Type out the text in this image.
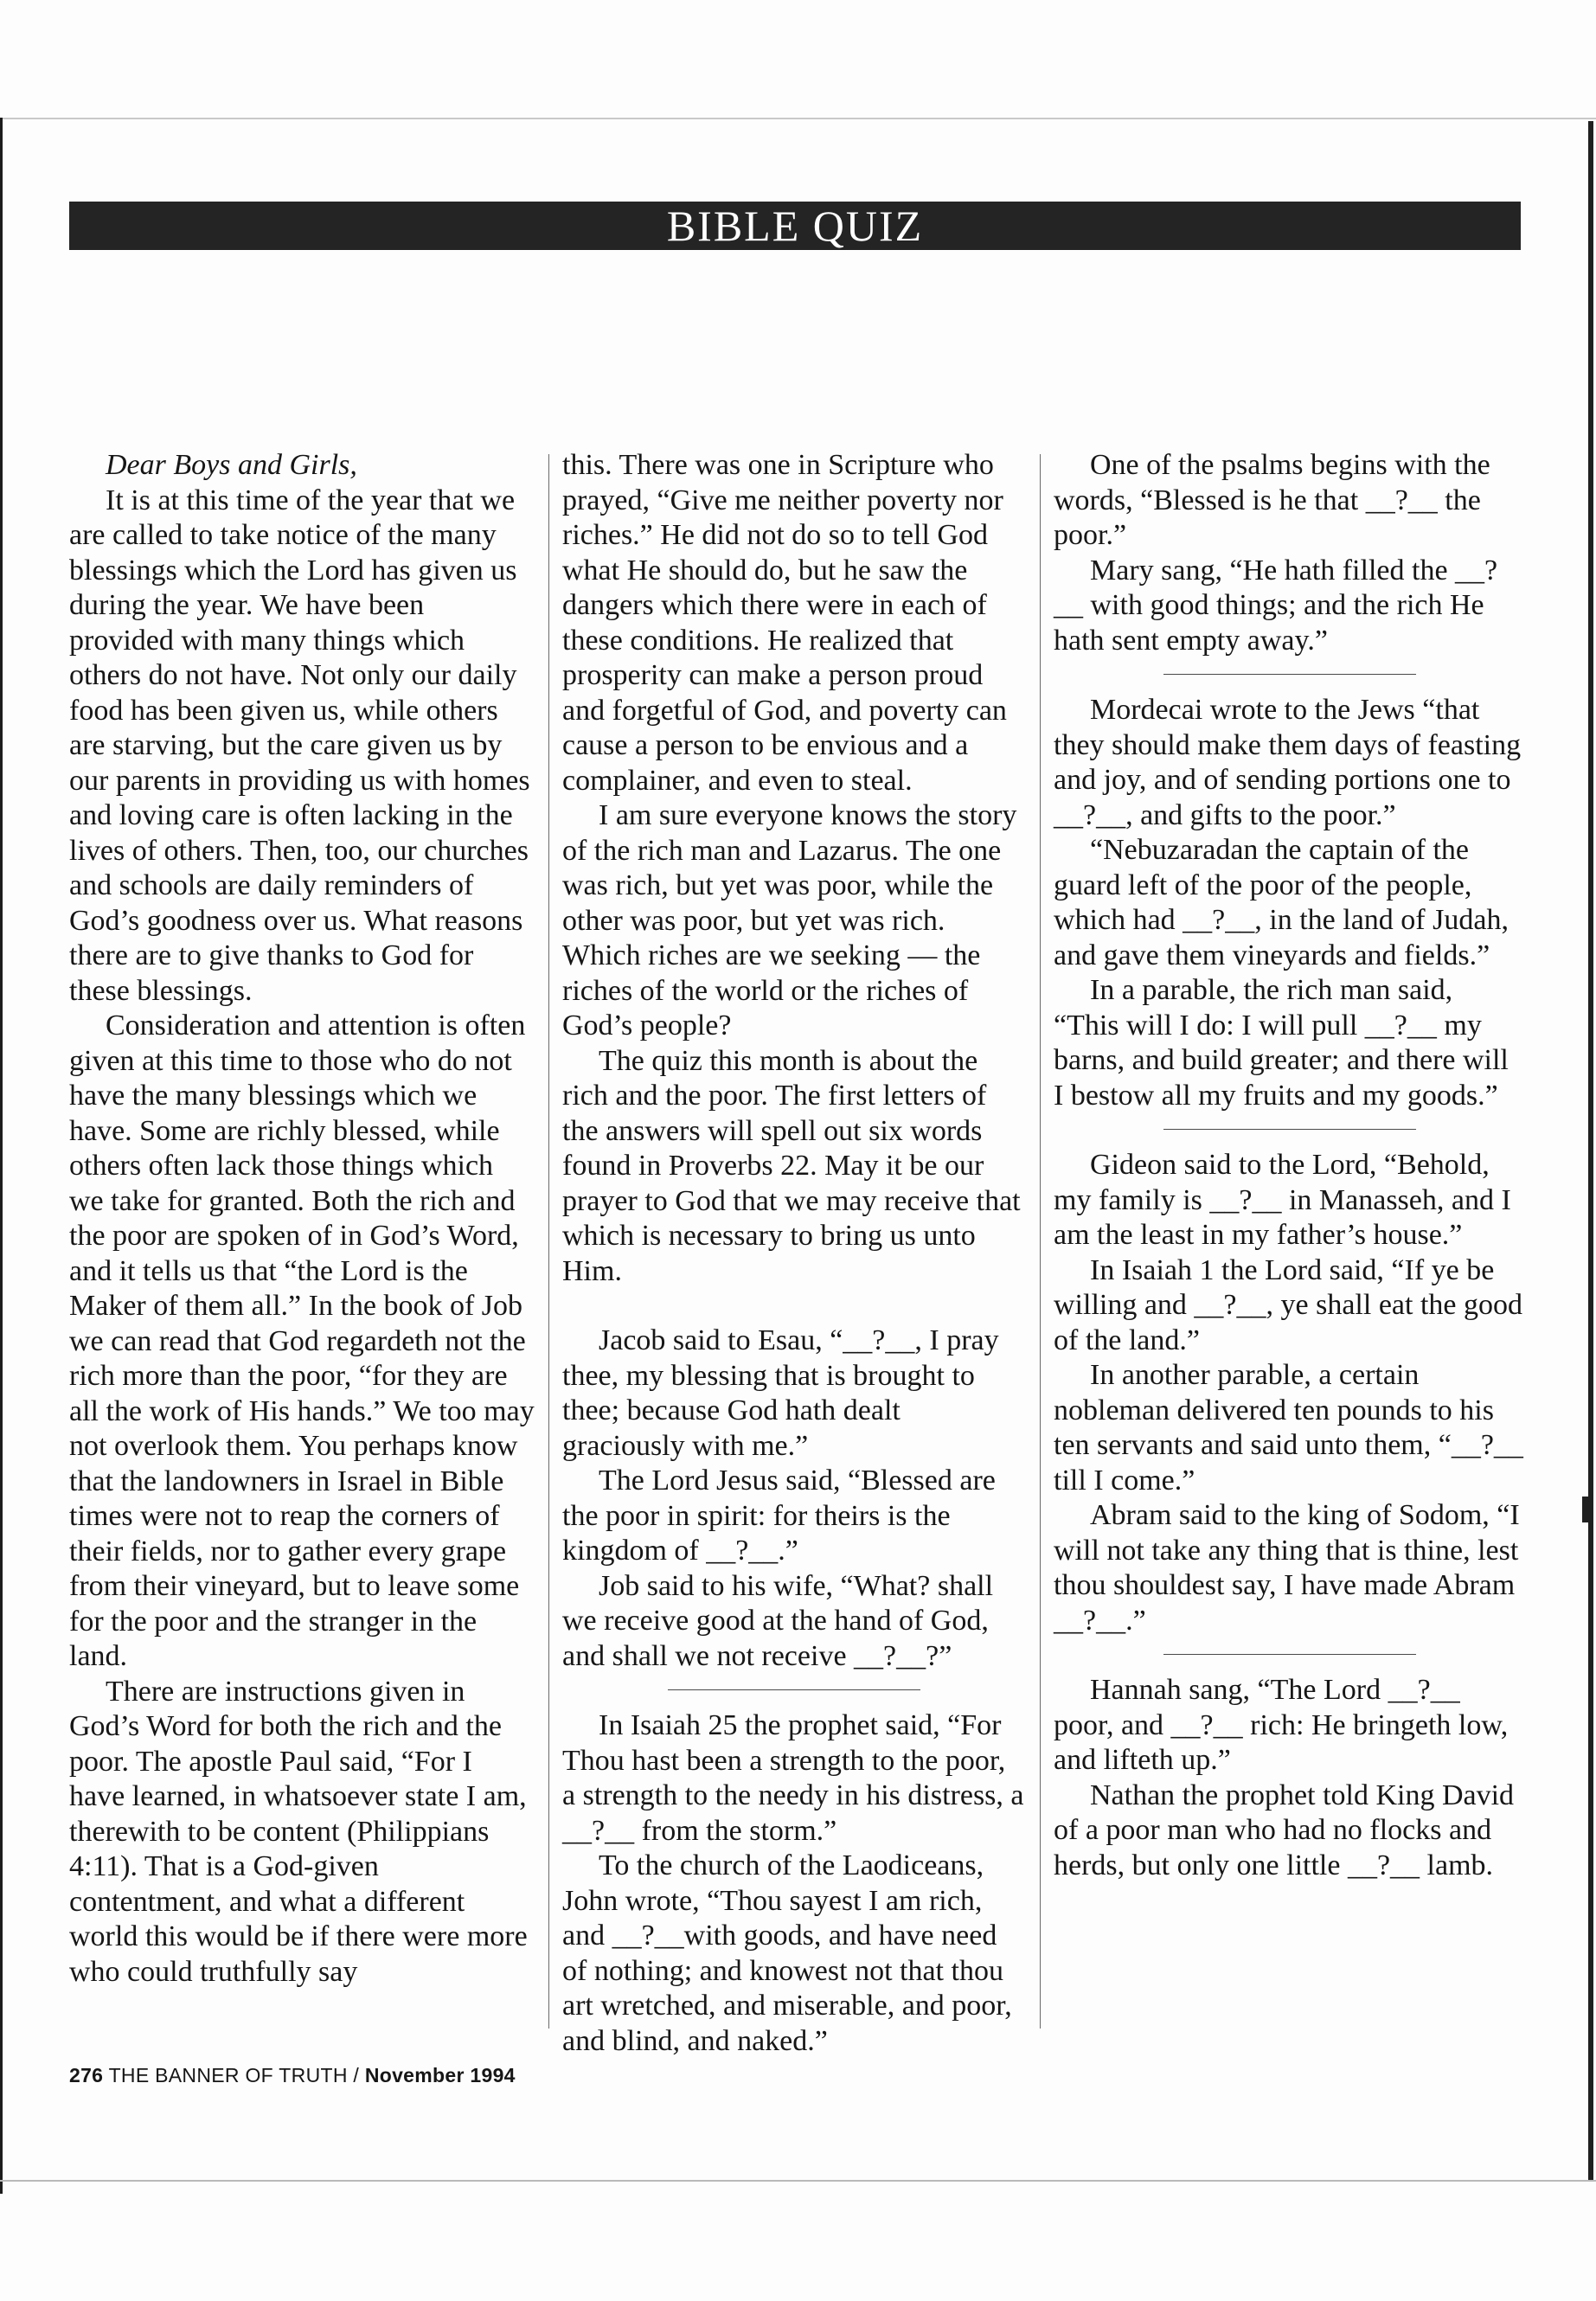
BIBLE QUIZ

Dear Boys and Girls,

It is at this time of the year that we are called to take notice of the many blessings which the Lord has given us during the year. We have been provided with many things which others do not have. Not only our daily food has been given us, while others are starving, but the care given us by our parents in providing us with homes and loving care is often lacking in the lives of others. Then, too, our churches and schools are daily reminders of God’s goodness over us. What reasons there are to give thanks to God for these blessings.

Consideration and attention is often given at this time to those who do not have the many blessings which we have. Some are richly blessed, while others often lack those things which we take for granted. Both the rich and the poor are spoken of in God’s Word, and it tells us that “the Lord is the Maker of them all.” In the book of Job we can read that God regardeth not the rich more than the poor, “for they are all the work of His hands.” We too may not overlook them. You perhaps know that the landowners in Israel in Bible times were not to reap the corners of their fields, nor to gather every grape from their vineyard, but to leave some for the poor and the stranger in the land.

There are instructions given in God’s Word for both the rich and the poor. The apostle Paul said, “For I have learned, in whatsoever state I am, therewith to be content (Philippians 4:11). That is a God-given contentment, and what a different world this would be if there were more who could truthfully say

this. There was one in Scripture who prayed, “Give me neither poverty nor riches.” He did not do so to tell God what He should do, but he saw the dangers which there were in each of these conditions. He realized that prosperity can make a person proud and forgetful of God, and poverty can cause a person to be envious and a complainer, and even to steal.

I am sure everyone knows the story of the rich man and Lazarus. The one was rich, but yet was poor, while the other was poor, but yet was rich. Which riches are we seeking — the riches of the world or the riches of God’s people?

The quiz this month is about the rich and the poor. The first letters of the answers will spell out six words found in Proverbs 22. May it be our prayer to God that we may receive that which is necessary to bring us unto Him.

Jacob said to Esau, “__?__, I pray thee, my blessing that is brought to thee; because God hath dealt graciously with me.”

The Lord Jesus said, “Blessed are the poor in spirit: for theirs is the kingdom of __?__.”

Job said to his wife, “What? shall we receive good at the hand of God, and shall we not receive __?__?”

In Isaiah 25 the prophet said, “For Thou hast been a strength to the poor, a strength to the needy in his distress, a __?__ from the storm.”

To the church of the Laodiceans, John wrote, “Thou sayest I am rich, and __?__with goods, and have need of nothing; and knowest not that thou art wretched, and miserable, and poor, and blind, and naked.”

One of the psalms begins with the words, “Blessed is he that __?__ the poor.”

Mary sang, “He hath filled the __?__ with good things; and the rich He hath sent empty away.”

Mordecai wrote to the Jews “that they should make them days of feasting and joy, and of sending portions one to __?__, and gifts to the poor.”

“Nebuzaradan the captain of the guard left of the poor of the people, which had __?__, in the land of Judah, and gave them vineyards and fields.”

In a parable, the rich man said, “This will I do: I will pull __?__ my barns, and build greater; and there will I bestow all my fruits and my goods.”

Gideon said to the Lord, “Behold, my family is __?__ in Manasseh, and I am the least in my father’s house.”

In Isaiah 1 the Lord said, “If ye be willing and __?__, ye shall eat the good of the land.”

In another parable, a certain nobleman delivered ten pounds to his ten servants and said unto them, “__?__ till I come.”

Abram said to the king of Sodom, “I will not take any thing that is thine, lest thou shouldest say, I have made Abram __?__.”

Hannah sang, “The Lord __?__ poor, and __?__ rich: He bringeth low, and lifteth up.”

Nathan the prophet told King David of a poor man who had no flocks and herds, but only one little __?__ lamb.

276 THE BANNER OF TRUTH / November 1994
